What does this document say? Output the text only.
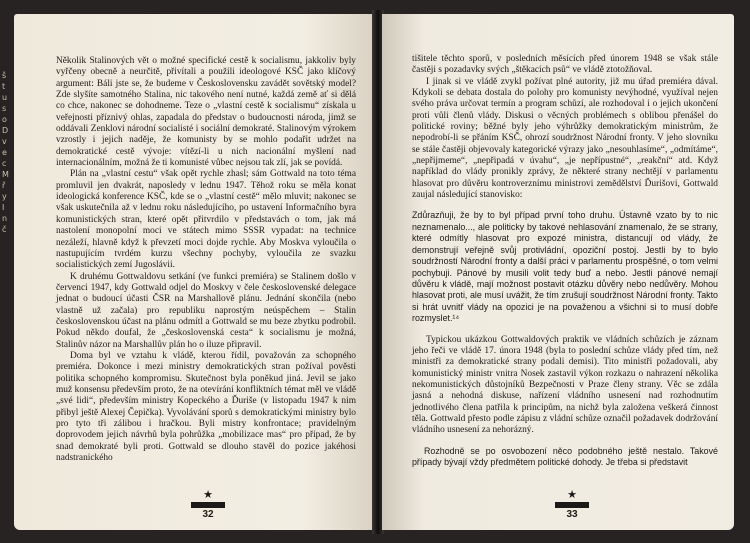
š
t
u
s
o
D
v
e
c
M
ř
y
I
n
č

Několik Stalinových vět o možné specifické cestě k socialismu, jakkoliv byly vyřčeny obecně a neurčitě, přivítali a použili ideologové KSČ jako klíčový argument: Báli jste se, že budeme v Československu zavádět sovětský model? Zde slyšíte samotného Stalina, nic takového není nutné, každá země ať si dělá co chce, nakonec se dohodneme. Teze o „vlastní cestě k socialismu“ získala u veřejnosti příznivý ohlas, zapadala do představ o budoucnosti národa, jimž se oddávali Zenklovi národní socialisté i sociální demokraté. Stalinovým výrokem vzrostly i jejich naděje, že komunisty by se mohlo podařit udržet na demokratické cestě vývoje: vítězí-li u nich nacionální myšlení nad internacionálním, možná že ti komunisté vůbec nejsou tak zlí, jak se povídá.

Plán na „vlastní cestu“ však opět rychle zhasl; sám Gottwald na toto téma promluvil jen dvakrát, naposledy v lednu 1947. Těhož roku se měla konat ideologická konference KSČ, kde se o „vlastní cestě“ mělo mluvit; nakonec se však uskutečnila až v lednu roku následujícího, po ustavení Informačního byra komunistických stran, které opět přitvrdilo v představách o tom, jak má nastolení monopolní moci ve státech mimo SSSR vypadat: na technice nezáleží, hlavně když k převzetí moci dojde rychle. Aby Moskva vyloučila o nastupujícím tvrdém kurzu všechny pochyby, vyloučila ze svazku socialistických zemí Jugoslávii.

K druhému Gottwaldovu setkání (ve funkci premiéra) se Stalinem došlo v červenci 1947, kdy Gottwald odjel do Moskvy v čele československé delegace jednat o budoucí účasti ČSR na Marshallově plánu. Jednání skončila (nebo vlastně už začala) pro republiku naprostým neúspěchem – Stalin československou účast na plánu odmítl a Gottwald se mu beze zbytku podrobil. Pokud někdo doufal, že „československá cesta“ k socialismu je možná, Stalinův názor na Marshallův plán ho o iluze připravil.

Doma byl ve vztahu k vládě, kterou řídil, považován za schopného premiéra. Dokonce i mezi ministry demokratických stran požíval pověsti politika schopného kompromisu. Skutečnost byla poněkud jiná. Jevil se jako muž konsensu především proto, že na otevírání konfliktních témat měl ve vládě „své lidi“, především ministry Kopeckého a Ďuriše (v listopadu 1947 k nim přibyl ještě Alexej Čepička). Vyvolávání sporů s demokratickými ministry bylo pro tyto tři zálibou i hračkou. Byli mistry konfrontace; pravidelným doprovodem jejich návrhů byla pohrůžka „mobilizace mas“ pro případ, že by snad demokraté byli proti. Gottwald se dlouho stavěl do pozice jakéhosi nadstranického

★
32

tišitele těchto sporů, v posledních měsících před únorem 1948 se však stále častěji s pozadavky svých „štěkacích psů“ ve vládě ztotožňoval.

I jinak si ve vládě zvykl požívat plné autority, již mu úřad premiéra dával. Kdykoli se debata dostala do polohy pro komunisty nevýhodné, využíval nejen svého práva určovat termín a program schůzí, ale rozhodoval i o jejich ukončení proti vůli členů vlády. Diskusi o věcných problémech s oblibou přenášel do politické roviny; běžné byly jeho výhrůžky demokratickým ministrům, že nepodrobí-li se přáním KSČ, ohrozí soudržnost Národní fronty. V jeho slovníku se stále častěji objevovaly kategorické výrazy jako „nesouhlasíme“, „odmítáme“, „nepřijmeme“, „nepřipadá v úvahu“, „je nepřípustné“, „reakční“ atd. Když například do vlády pronikly zprávy, že některé strany nechtějí v parlamentu hlasovat pro důvěru kontroverznímu ministrovi zemědělství Ďurišovi, Gottwald zaujal následující stanovisko:

Zdůrazňuji, že by to byl případ první toho druhu. Ústavně vzato by to nic neznamenalo..., ale politicky by takové nehlasování znamenalo, že se strany, které odmítly hlasovat pro expozé ministra, distancují od vlády, že demonstrují veřejně svůj protivládní, opoziční postoj. Jestli by to bylo soudržností Národní fronty a další práci v parlamentu prospěšné, o tom velmi pochybuji. Pánové by musili volit tedy buď a nebo. Jestli pánové nemají důvěru k vládě, mají možnost postavit otázku důvěry nebo nedůvěry. Mohou hlasovat proti, ale musí uvážit, že tím zrušují soudržnost Národní fronty. Takto si hrát uvnitř vlády na opozici je na považenou a všichni si to musí dobře rozmyslet.¹⁴

Typickou ukázkou Gottwaldových praktik ve vládních schůzích je záznam jeho řeči ve vládě 17. února 1948 (byla to poslední schůze vlády před tím, než ministři za demokratické strany podali demisi). Tito ministři požadovali, aby komunistický ministr vnitra Nosek zastavil výkon rozkazu o nahrazení několika nekomunistických důstojníků Bezpečnosti v Praze členy strany. Věc se zdála jasná a nehodná diskuse, nařízení vládního usnesení nad rozhodnutím jednotlivého člena patřila k principům, na nichž byla založena veškerá činnost těla. Gottwald přesto podle zápisu z vládní schůze označil požadavek dodržování vládního usnesení za nehorázný.

Rozhodně se po osvobození něco podobného ještě nestalo. Takové případy bývají vždy předmětem politické dohody. Je třeba si představit

★
33
